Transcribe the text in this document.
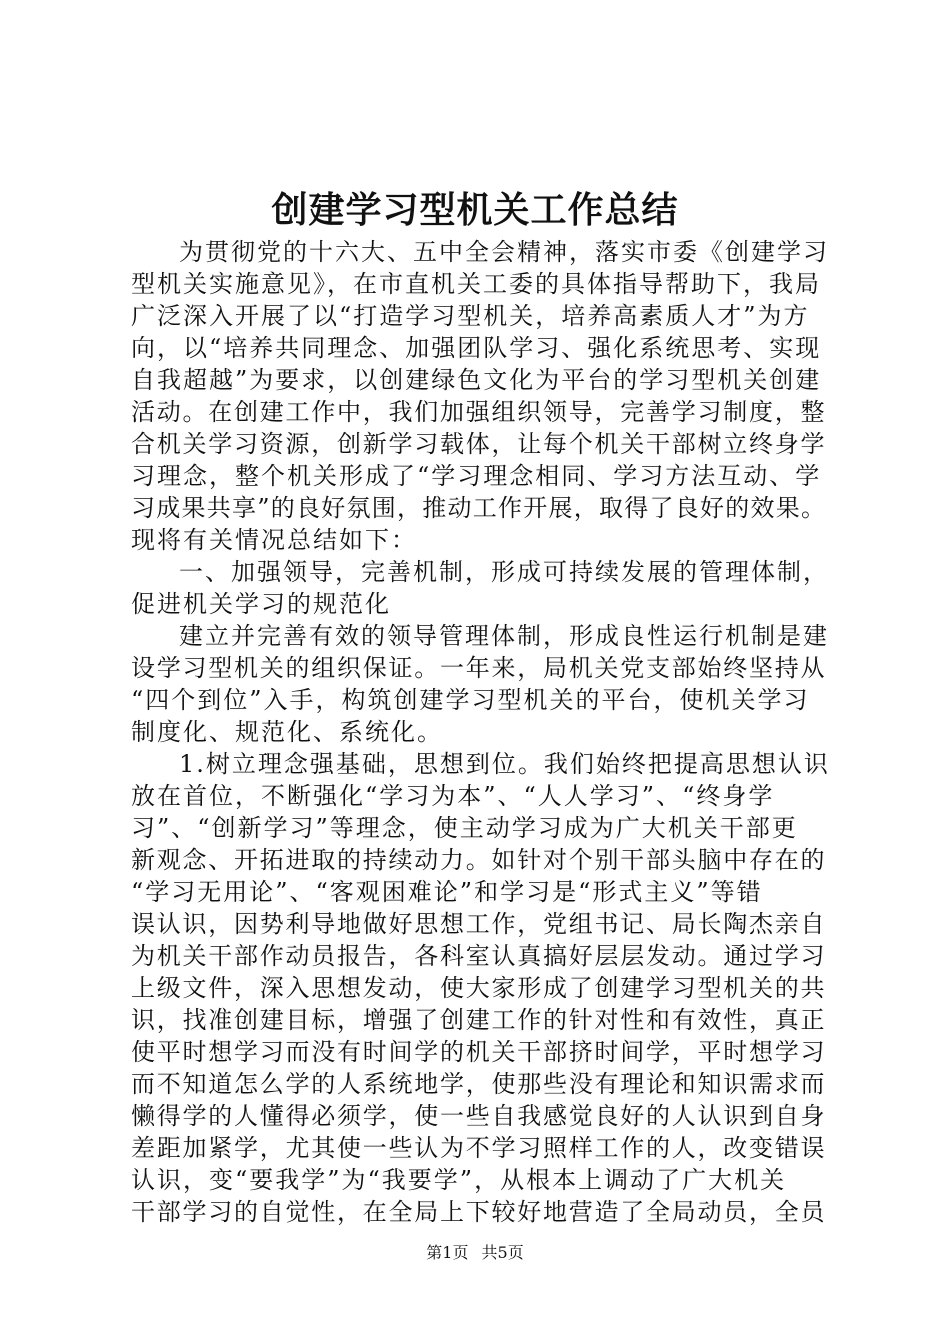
创建学习型机关工作总结
为贯彻党的十六大、五中全会精神，落实市委《创建学习
型机关实施意见》，在市直机关工委的具体指导帮助下，我局
广泛深入开展了以“打造学习型机关，培养高素质人才”为方
向，以“培养共同理念、加强团队学习、强化系统思考、实现
自我超越”为要求，以创建绿色文化为平台的学习型机关创建
活动。在创建工作中，我们加强组织领导，完善学习制度，整
合机关学习资源，创新学习载体，让每个机关干部树立终身学
习理念，整个机关形成了“学习理念相同、学习方法互动、学
习成果共享”的良好氛围，推动工作开展，取得了良好的效果。
现将有关情况总结如下：
一、加强领导，完善机制，形成可持续发展的管理体制，
促进机关学习的规范化
建立并完善有效的领导管理体制，形成良性运行机制是建
设学习型机关的组织保证。一年来，局机关党支部始终坚持从
“四个到位”入手，构筑创建学习型机关的平台，使机关学习
制度化、规范化、系统化。
1.树立理念强基础，思想到位。我们始终把提高思想认识
放在首位，不断强化“学习为本”、“人人学习”、“终身学
习”、“创新学习”等理念，使主动学习成为广大机关干部更
新观念、开拓进取的持续动力。如针对个别干部头脑中存在的
“学习无用论”、“客观困难论”和学习是“形式主义”等错
误认识，因势利导地做好思想工作，党组书记、局长陶杰亲自
为机关干部作动员报告，各科室认真搞好层层发动。通过学习
上级文件，深入思想发动，使大家形成了创建学习型机关的共
识，找准创建目标，增强了创建工作的针对性和有效性，真正
使平时想学习而没有时间学的机关干部挤时间学，平时想学习
而不知道怎么学的人系统地学，使那些没有理论和知识需求而
懒得学的人懂得必须学，使一些自我感觉良好的人认识到自身
差距加紧学，尤其使一些认为不学习照样工作的人，改变错误
认识，变“要我学”为“我要学”，从根本上调动了广大机关
干部学习的自觉性，在全局上下较好地营造了全局动员，全员
第1页 共5页
